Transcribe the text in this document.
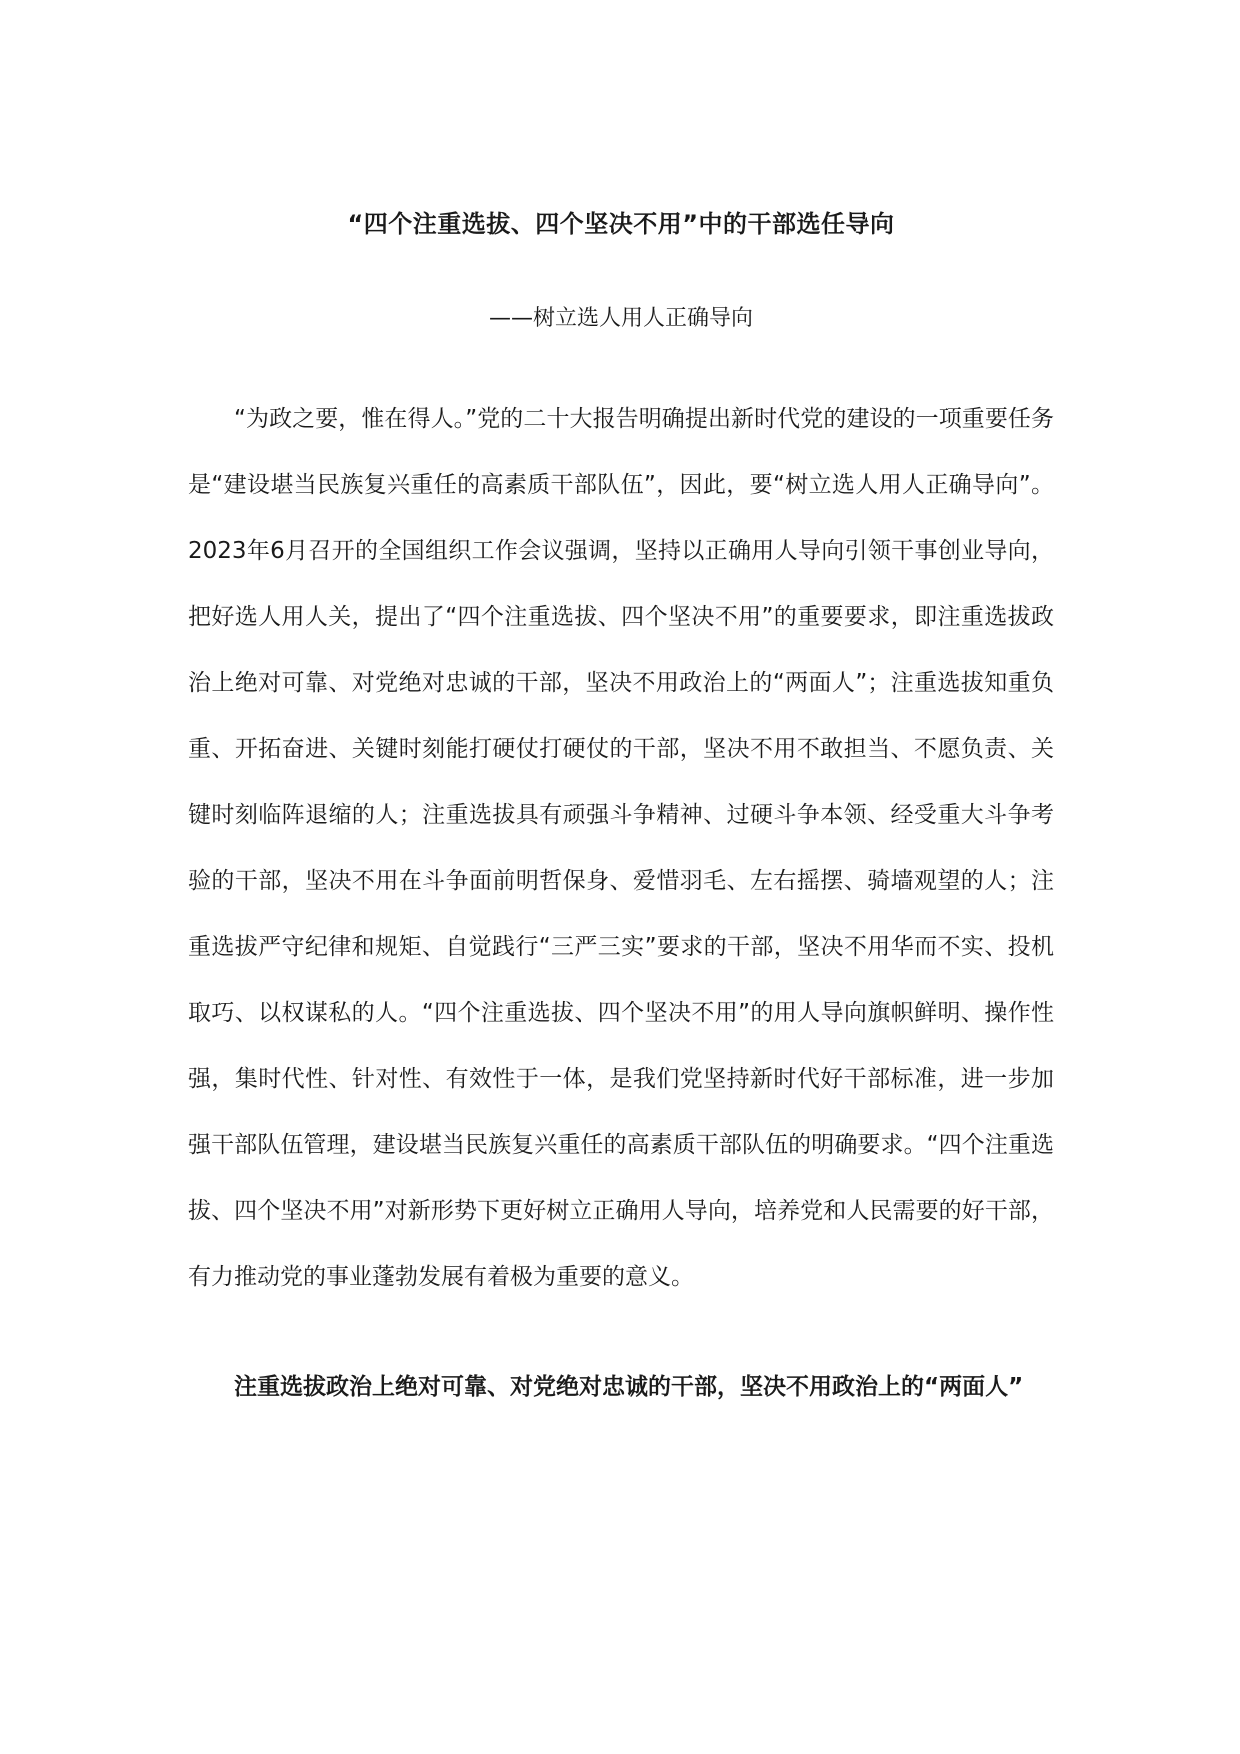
“四个注重选拔、四个坚决不用”中的干部选任导向
——树立选人用人正确导向

“为政之要，惟在得人。”党的二十大报告明确提出新时代党的建设的一项重要任务是“建设堪当民族复兴重任的高素质干部队伍”，因此，要“树立选人用人正确导向”。2023年6月召开的全国组织工作会议强调，坚持以正确用人导向引领干事创业导向，把好选人用人关，提出了“四个注重选拔、四个坚决不用”的重要要求，即注重选拔政治上绝对可靠、对党绝对忠诚的干部，坚决不用政治上的“两面人”；注重选拔知重负重、开拓奋进、关键时刻能打硬仗打硬仗的干部，坚决不用不敢担当、不愿负责、关键时刻临阵退缩的人；注重选拔具有顽强斗争精神、过硬斗争本领、经受重大斗争考验的干部，坚决不用在斗争面前明哲保身、爱惜羽毛、左右摇摆、骑墙观望的人；注重选拔严守纪律和规矩、自觉践行“三严三实”要求的干部，坚决不用华而不实、投机取巧、以权谋私的人。“四个注重选拔、四个坚决不用”的用人导向旗帜鲜明、操作性强，集时代性、针对性、有效性于一体，是我们党坚持新时代好干部标准，进一步加强干部队伍管理，建设堪当民族复兴重任的高素质干部队伍的明确要求。“四个注重选拔、四个坚决不用”对新形势下更好树立正确用人导向，培养党和人民需要的好干部，有力推动党的事业蓬勃发展有着极为重要的意义。

注重选拔政治上绝对可靠、对党绝对忠诚的干部，坚决不用政治上的“两面人”
